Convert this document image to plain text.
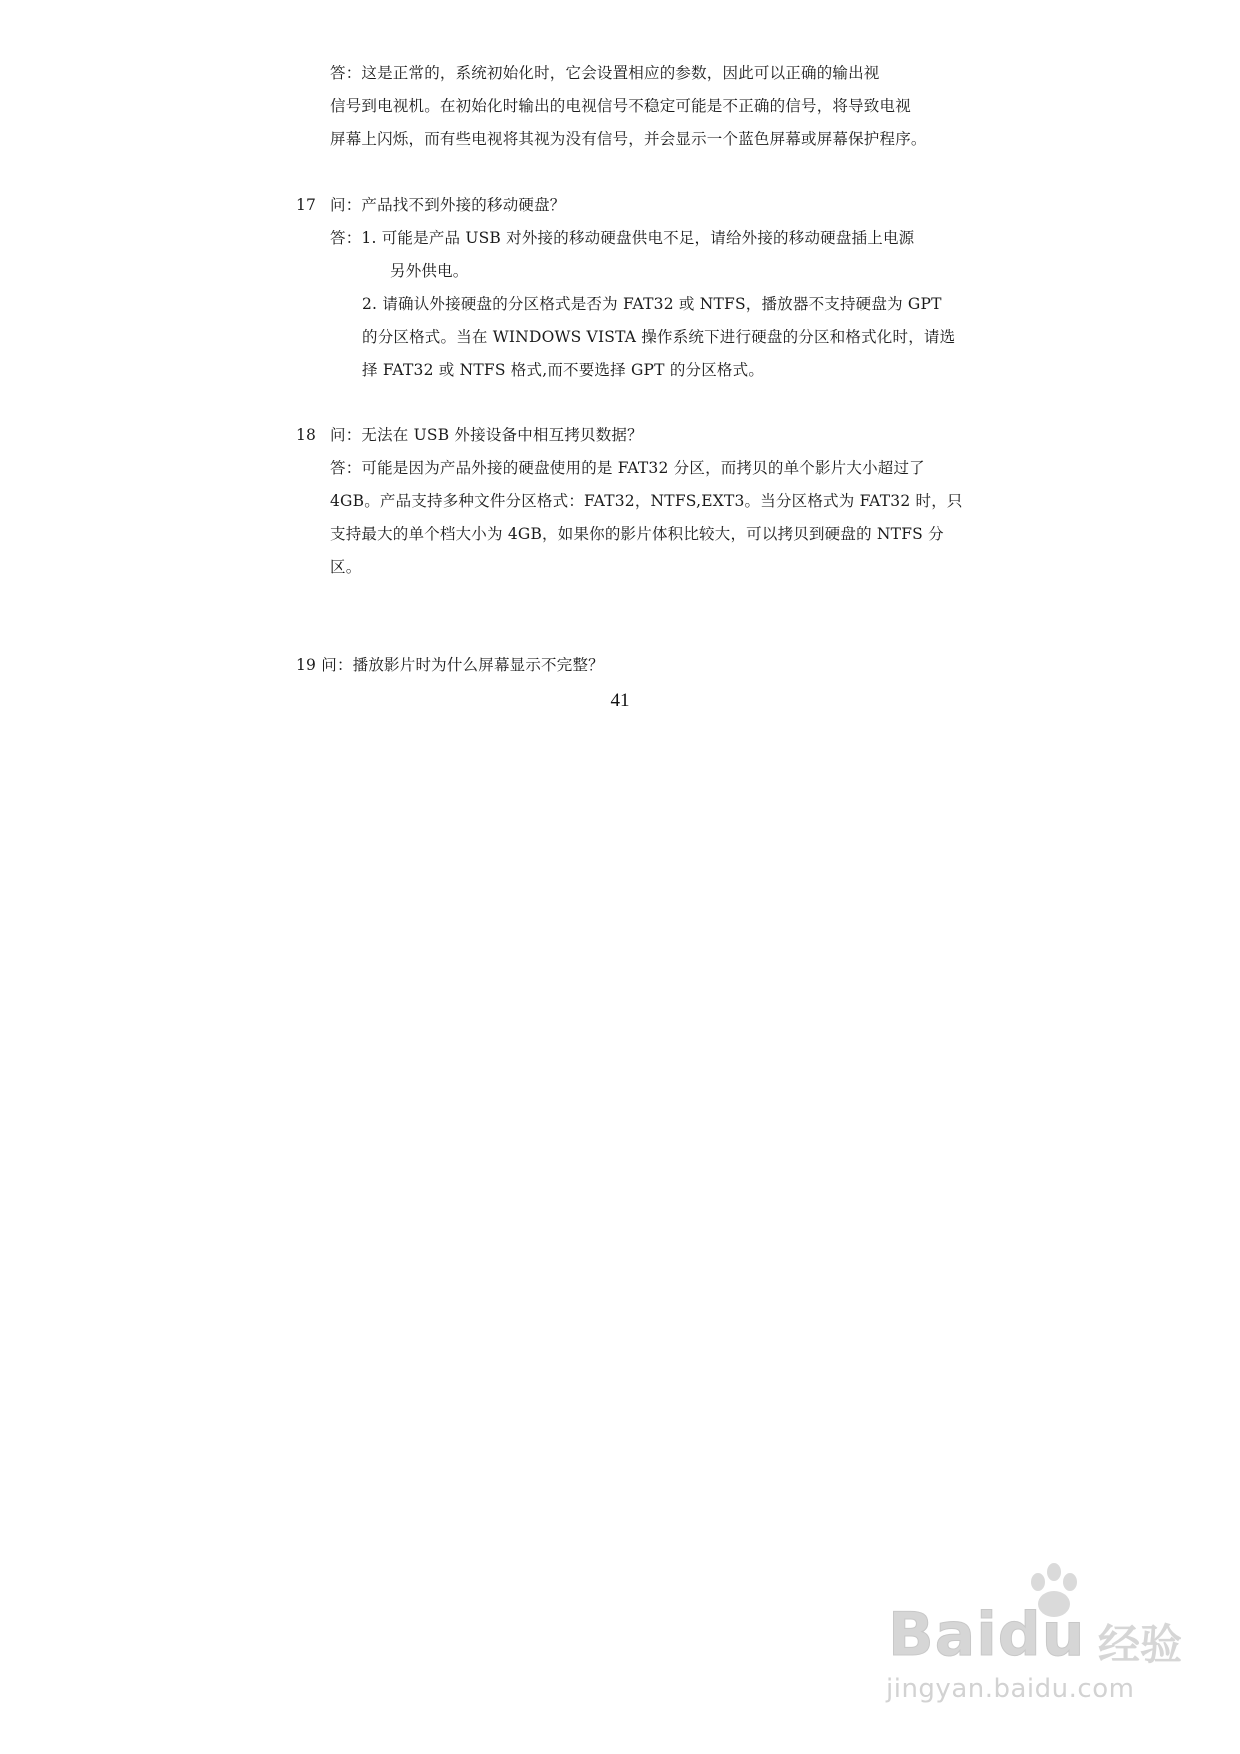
答：这是正常的，系统初始化时，它会设置相应的参数，因此可以正确的输出视
信号到电视机。在初始化时输出的电视信号不稳定可能是不正确的信号，将导致电视
屏幕上闪烁，而有些电视将其视为没有信号，并会显示一个蓝色屏幕或屏幕保护程序。
17 问：产品找不到外接的移动硬盘？
答：1. 可能是产品 USB 对外接的移动硬盘供电不足，请给外接的移动硬盘插上电源
另外供电。
2. 请确认外接硬盘的分区格式是否为 FAT32 或 NTFS，播放器不支持硬盘为 GPT
的分区格式。当在 WINDOWS VISTA 操作系统下进行硬盘的分区和格式化时，请选
择 FAT32 或 NTFS 格式,而不要选择 GPT 的分区格式。
18 问：无法在 USB 外接设备中相互拷贝数据？
答：可能是因为产品外接的硬盘使用的是 FAT32 分区，而拷贝的单个影片大小超过了
4GB。产品支持多种文件分区格式：FAT32，NTFS,EXT3。当分区格式为 FAT32 时，只
支持最大的单个档大小为 4GB，如果你的影片体积比较大，可以拷贝到硬盘的 NTFS 分
区。
19 问：播放影片时为什么屏幕显示不完整？
41
Baidu 经验
jingyan.baidu.com
